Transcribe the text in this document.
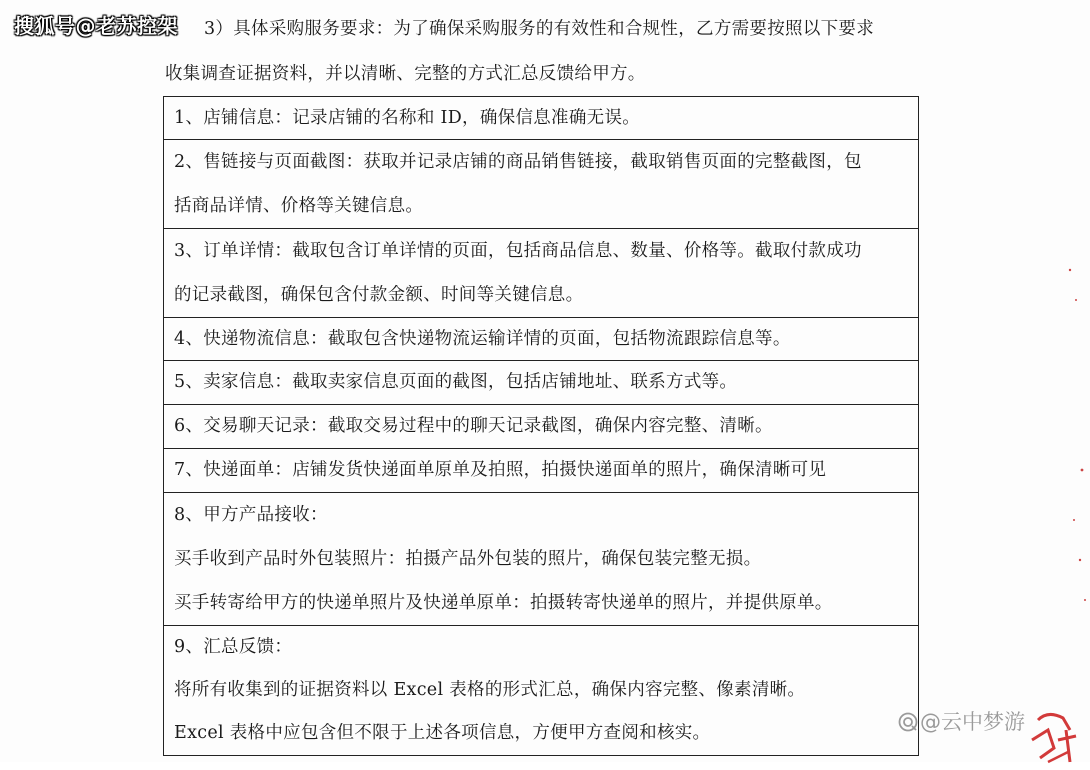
搜狐号@老苏控架 3）具体采购服务要求：为了确保采购服务的有效性和合规性，乙方需要按照以下要求
收集调查证据资料，并以清晰、完整的方式汇总反馈给甲方。
1、店铺信息：记录店铺的名称和 ID，确保信息准确无误。
2、售链接与页面截图：获取并记录店铺的商品销售链接，截取销售页面的完整截图，包
括商品详情、价格等关键信息。
3、订单详情：截取包含订单详情的页面，包括商品信息、数量、价格等。截取付款成功
的记录截图，确保包含付款金额、时间等关键信息。
4、快递物流信息：截取包含快递物流运输详情的页面，包括物流跟踪信息等。
5、卖家信息：截取卖家信息页面的截图，包括店铺地址、联系方式等。
6、交易聊天记录：截取交易过程中的聊天记录截图，确保内容完整、清晰。
7、快递面单：店铺发货快递面单原单及拍照，拍摄快递面单的照片，确保清晰可见
8、甲方产品接收：
买手收到产品时外包装照片：拍摄产品外包装的照片，确保包装完整无损。
买手转寄给甲方的快递单照片及快递单原单：拍摄转寄快递单的照片，并提供原单。
9、汇总反馈：
将所有收集到的证据资料以 Excel 表格的形式汇总，确保内容完整、像素清晰。
Excel 表格中应包含但不限于上述各项信息，方便甲方查阅和核实。	@云中梦游
